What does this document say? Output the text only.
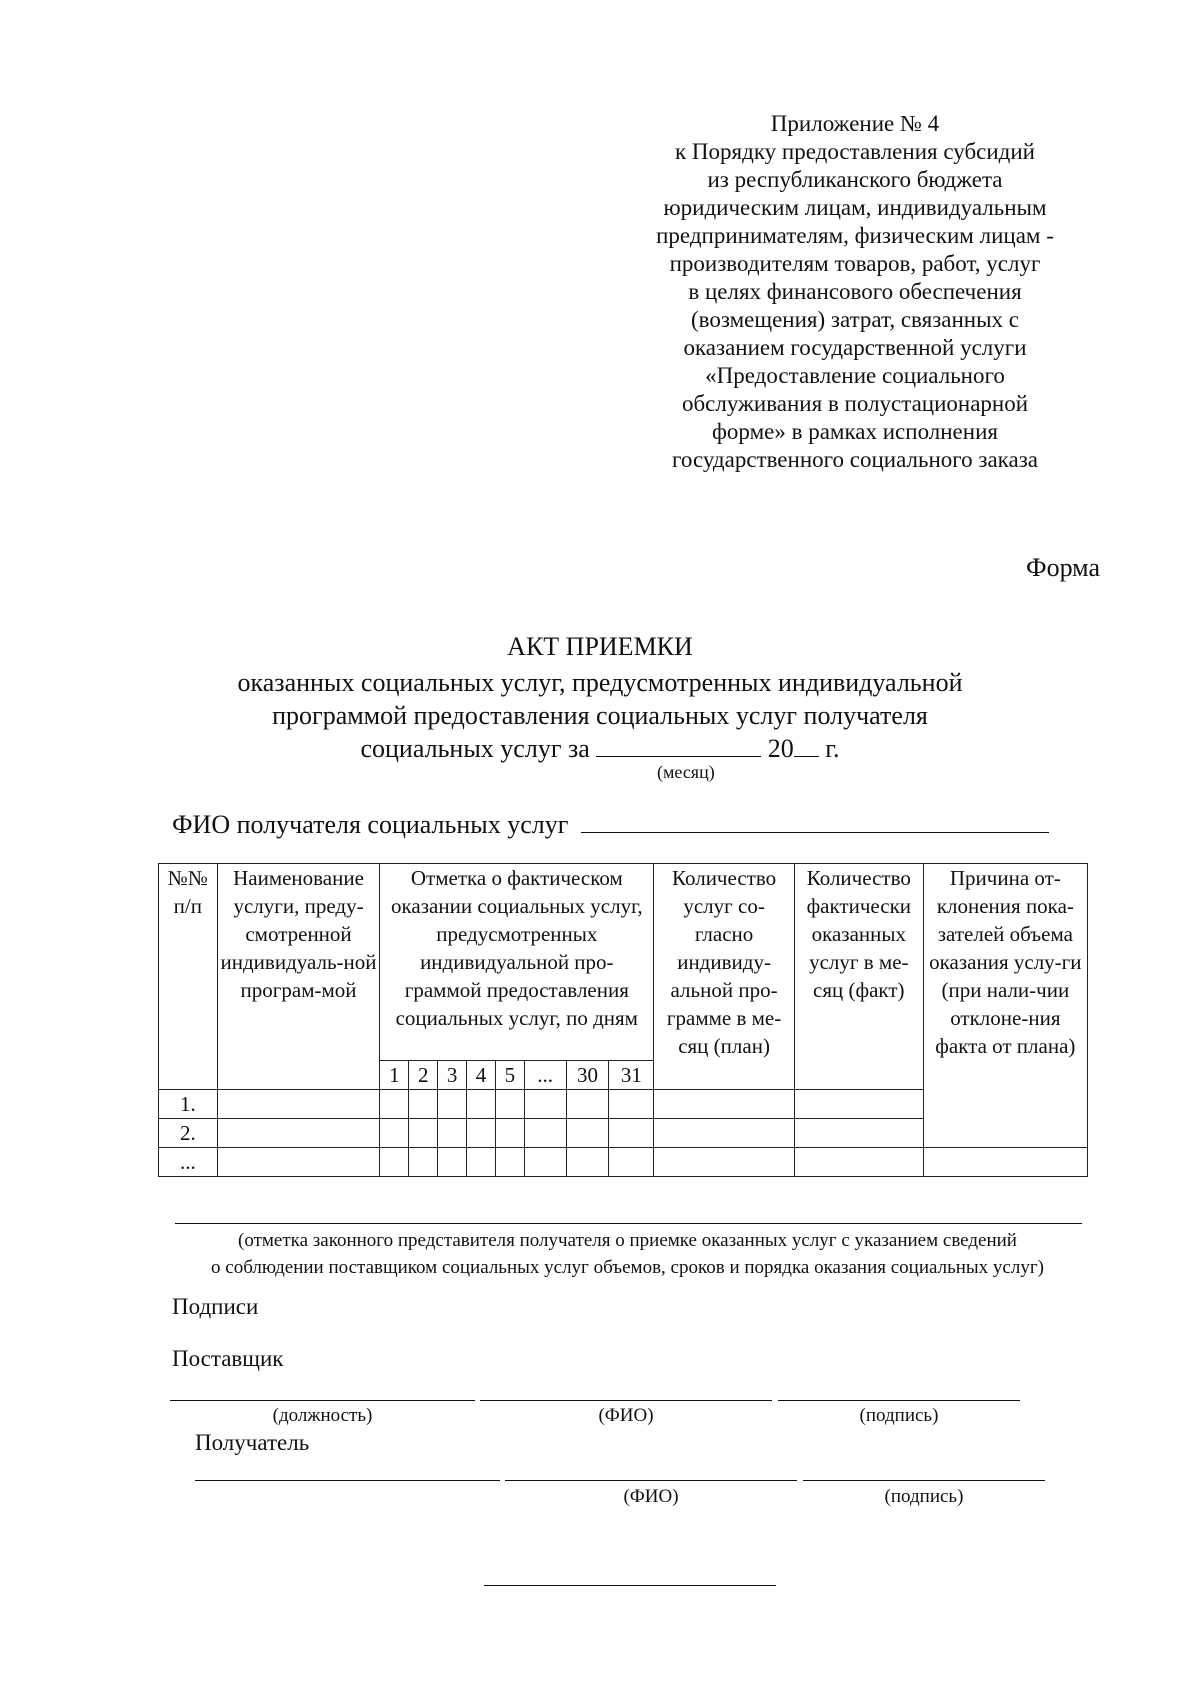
Приложение № 4
к Порядку предоставления субсидий
из республиканского бюджета
юридическим лицам, индивидуальным
предпринимателям, физическим лицам -
производителям товаров, работ, услуг
в целях финансового обеспечения
(возмещения) затрат, связанных с
оказанием государственной услуги
«Предоставление социального
обслуживания в полустационарной
форме» в рамках исполнения
государственного социального заказа
Форма
АКТ ПРИЕМКИ
оказанных социальных услуг, предусмотренных индивидуальной
программой предоставления социальных услуг получателя
социальных услуг за	20 г.
(месяц)
ФИО получателя социальных услуг
№№ п/п	Наименование услуги, преду-смотренной индивидуаль-ной програм-мой	Отметка о фактическом оказании социальных услуг, предусмотренных индивидуальной про-граммой предоставления социальных услуг, по дням								Количество услуг со-гласно индивиду-альной про-грамме в ме-сяц (план)	Количество фактически оказанных услуг в ме-сяц (факт)	Причина от-клонения пока-зателей объема оказания услу-ги (при нали-чии отклоне-ния факта от плана)
		1	2	3	4	5	...	30	31			
1.												
2.												
...												
(отметка законного представителя получателя о приемке оказанных услуг с указанием сведений
о соблюдении поставщиком социальных услуг объемов, сроков и порядка оказания социальных услуг)
Подписи
Поставщик
(должность)	(ФИО)	(подпись)
Получатель
(ФИО)	(подпись)
